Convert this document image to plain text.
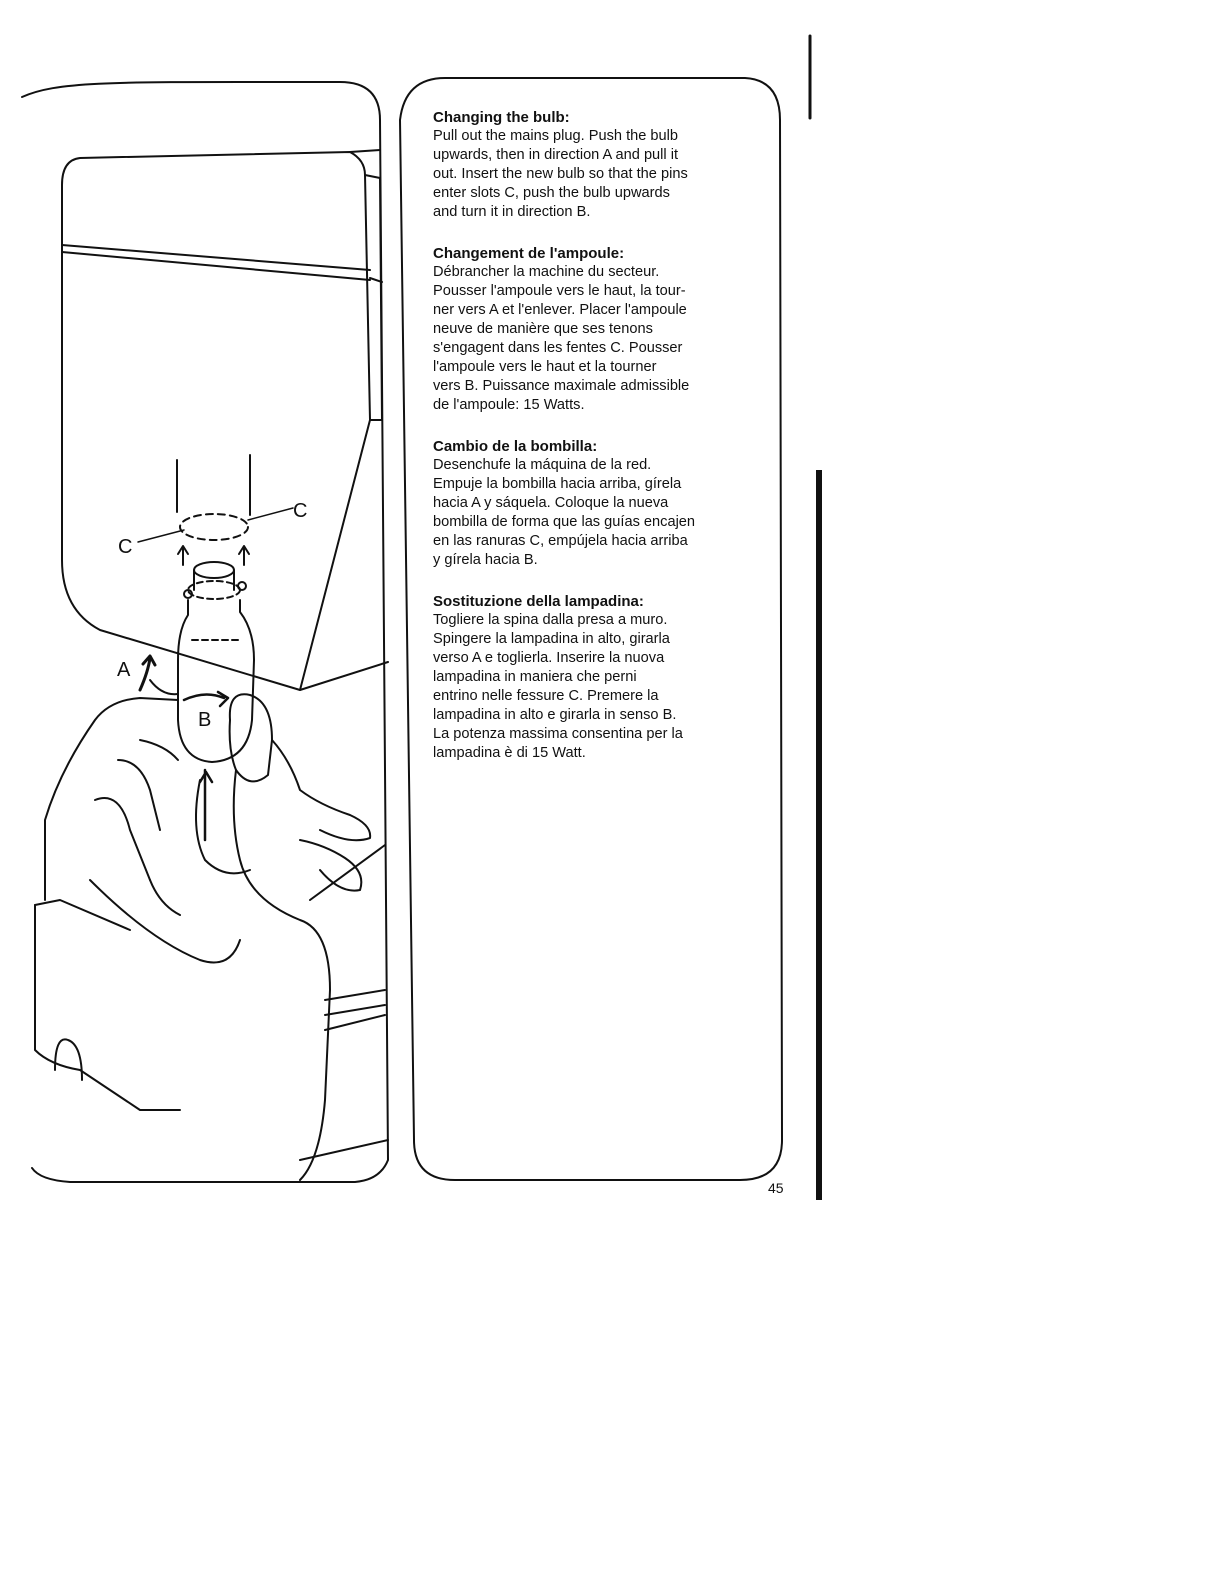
C
C
A
B

Changing the bulb:

Pull out the mains plug. Push the bulb
upwards, then in direction A and pull it
out. Insert the new bulb so that the pins
enter slots C, push the bulb upwards
and turn it in direction B.

Changement de l'ampoule:

Débrancher la machine du secteur.
Pousser l'ampoule vers le haut, la tour-
ner vers A et l'enlever. Placer l'ampoule
neuve de manière que ses tenons
s'engagent dans les fentes C. Pousser
l'ampoule vers le haut et la tourner
vers B. Puissance maximale admissible
de l'ampoule: 15 Watts.

Cambio de la bombilla:

Desenchufe la máquina de la red.
Empuje la bombilla hacia arriba, gírela
hacia A y sáquela. Coloque la nueva
bombilla de forma que las guías encajen
en las ranuras C, empújela hacia arriba
y gírela hacia B.

Sostituzione della lampadina:

Togliere la spina dalla presa a muro.
Spingere la lampadina in alto, girarla
verso A e toglierla. Inserire la nuova
lampadina in maniera che perni
entrino nelle fessure C. Premere la
lampadina in alto e girarla in senso B.
La potenza massima consentina per la
lampadina è di 15 Watt.

45
